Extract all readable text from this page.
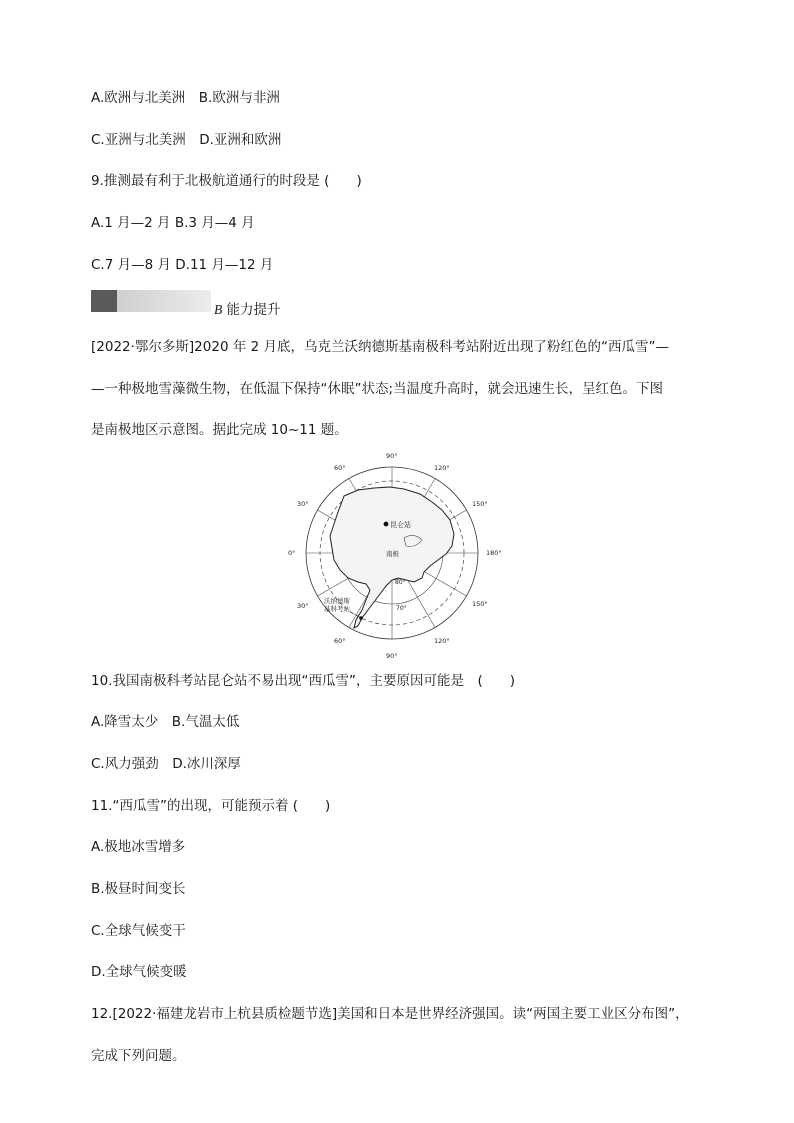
A.欧洲与北美洲　B.欧洲与非洲
C.亚洲与北美洲　D.亚洲和欧洲
9.推测最有利于北极航道通行的时段是 (　　)
A.1 月—2 月 B.3 月—4 月
C.7 月—8 月 D.11 月—12 月
B 能力提升
[2022·鄂尔多斯]2020 年 2 月底，乌克兰沃纳德斯基南极科考站附近出现了粉红色的“西瓜雪”—
—一种极地雪藻微生物，在低温下保持“休眠”状态;当温度升高时，就会迅速生长，呈红色。下图
是南极地区示意图。据此完成 10~11 题。
昆仑站
南极
沃纳德斯
基科考站
80°
70°
90°
120°
150°
180°
150°
120°
90°
60°
30°
0°
30°
60°
10.我国南极科考站昆仑站不易出现“西瓜雪”，主要原因可能是　(　　)
A.降雪太少　B.气温太低
C.风力强劲　D.冰川深厚
11.“西瓜雪”的出现，可能预示着 (　　)
A.极地冰雪增多
B.极昼时间变长
C.全球气候变干
D.全球气候变暖
12.[2022·福建龙岩市上杭县质检题节选]美国和日本是世界经济强国。读“两国主要工业区分布图”，
完成下列问题。
